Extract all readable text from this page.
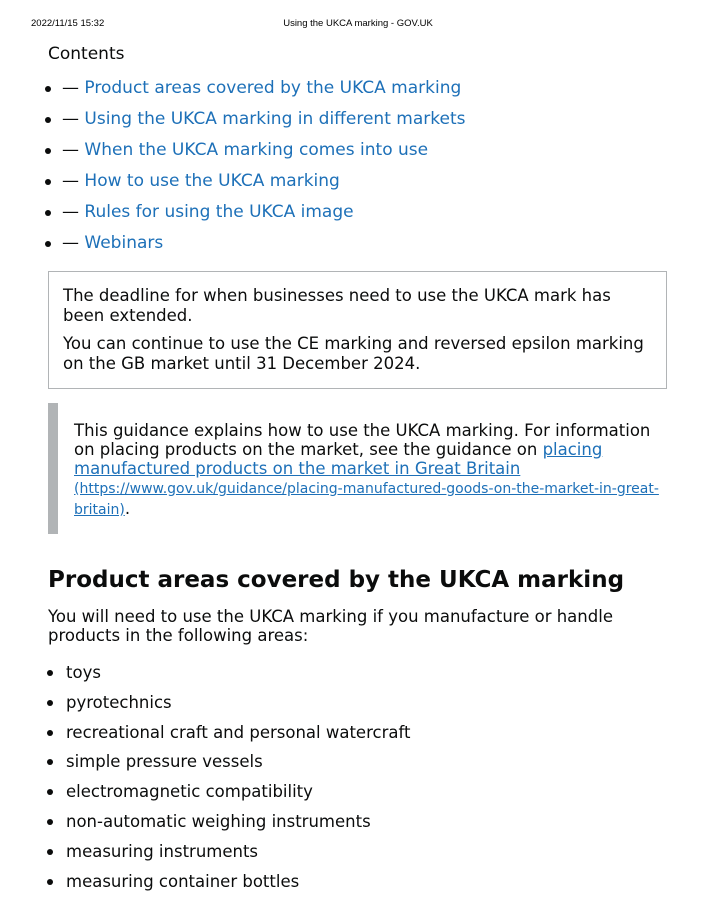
2022/11/15 15:32	Using the UKCA marking - GOV.UK
Contents
— Product areas covered by the UKCA marking
— Using the UKCA marking in different markets
— When the UKCA marking comes into use
— How to use the UKCA marking
— Rules for using the UKCA image
— Webinars

The deadline for when businesses need to use the UKCA mark has been extended.

You can continue to use the CE marking and reversed epsilon marking on the GB market until 31 December 2024.

This guidance explains how to use the UKCA marking. For information on placing products on the market, see the guidance on placing manufactured products on the market in Great Britain (https://www.gov.uk/guidance/placing-manufactured-goods-on-the-market-in-great-britain).

Product areas covered by the UKCA marking

You will need to use the UKCA marking if you manufacture or handle products in the following areas:

toys
pyrotechnics
recreational craft and personal watercraft
simple pressure vessels
electromagnetic compatibility
non-automatic weighing instruments
measuring instruments
measuring container bottles
